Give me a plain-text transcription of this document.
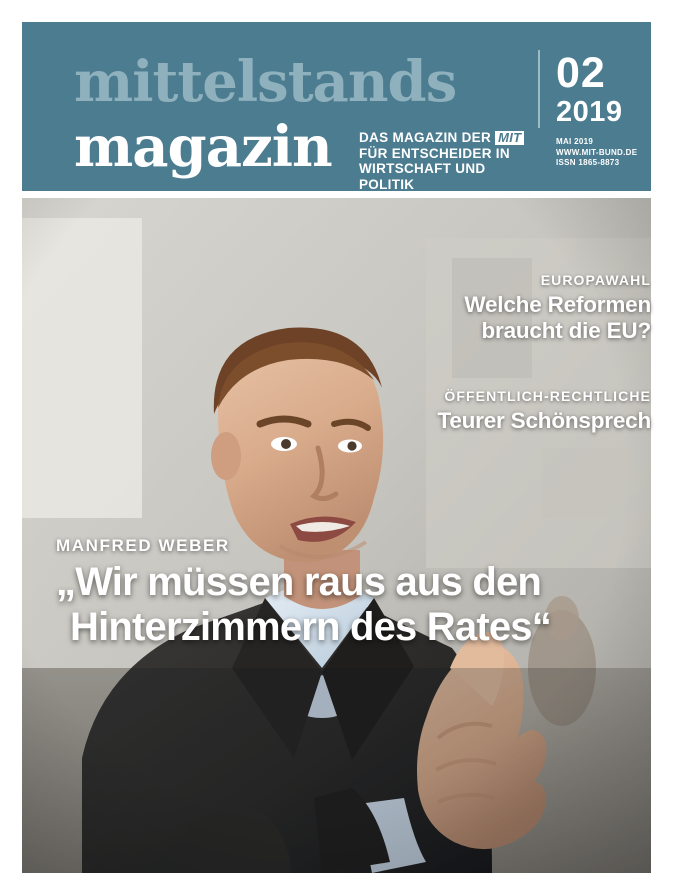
mittelstands
magazin DAS MAGAZIN DER MIT
FÜR ENTSCHEIDER IN
WIRTSCHAFT UND POLITIK
02
2019
MAI 2019
WWW.MIT-BUND.DE
ISSN 1865-8873
EUROPAWAHL
Welche Reformen
braucht die EU?
ÖFFENTLICH-RECHTLICHE
Teurer Schönsprech
MANFRED WEBER
„Wir müssen raus aus den
Hinterzimmern des Rates“
